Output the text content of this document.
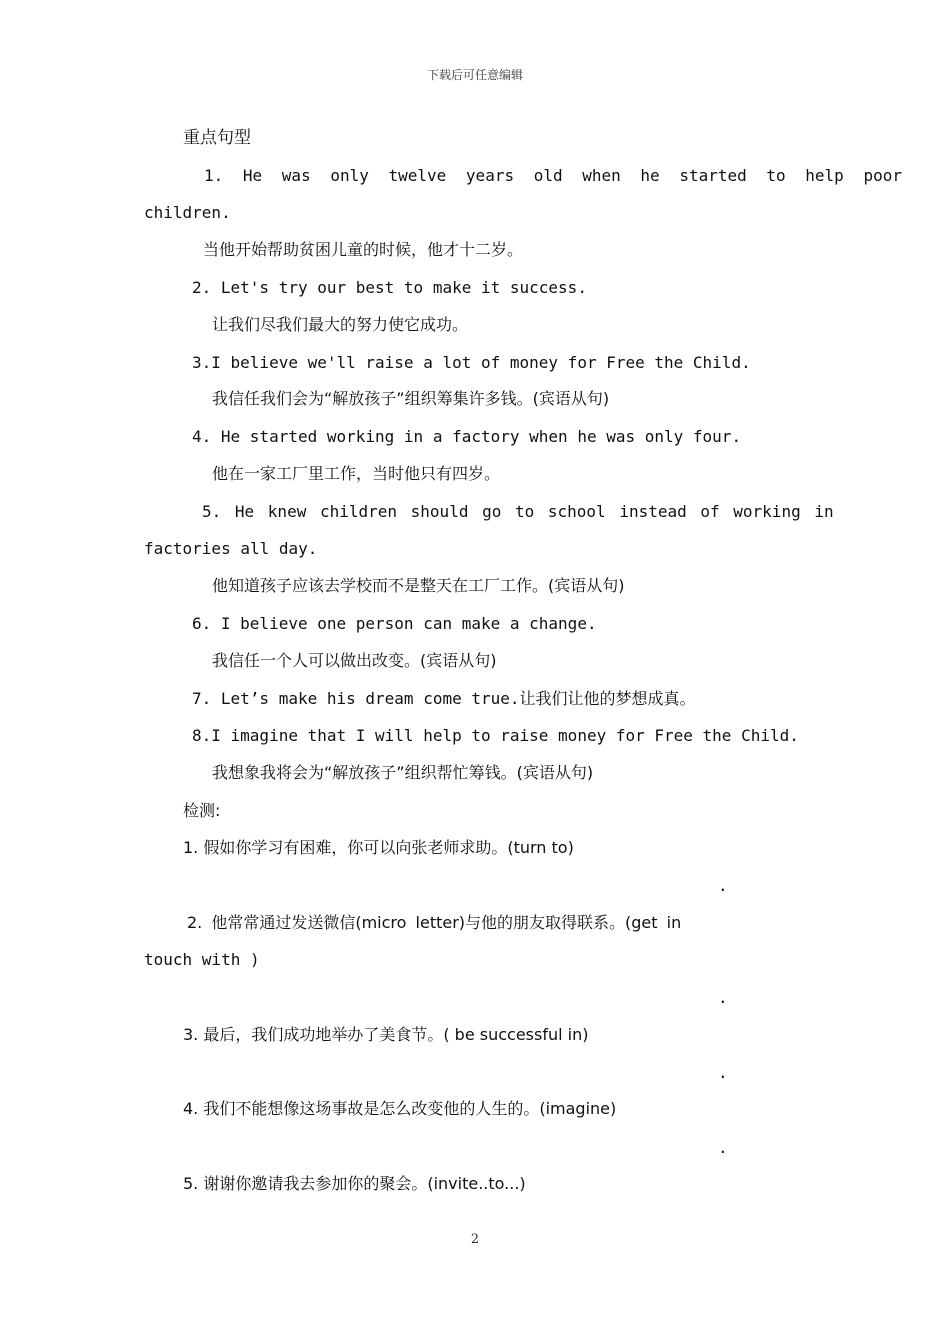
下载后可任意编辑
重点句型
1. He was only twelve years old when he started to help poor
children.
当他开始帮助贫困儿童的时候，他才十二岁。
2. Let's try our best to make it success.
让我们尽我们最大的努力使它成功。
3.I believe we'll raise a lot of money for Free the Child.
我信任我们会为“解放孩子”组织筹集许多钱。(宾语从句)
4. He started working in a factory when he was only four.
他在一家工厂里工作，当时他只有四岁。
5. He knew children should go to school instead of working in
factories all day.
他知道孩子应该去学校而不是整天在工厂工作。(宾语从句)
6. I believe one person can make a change.
我信任一个人可以做出改变。(宾语从句)
7. Let’s make his dream come true.让我们让他的梦想成真。
8.I imagine that I will help to raise money for Free the Child.
我想象我将会为“解放孩子”组织帮忙筹钱。(宾语从句)
检测:
1. 假如你学习有困难，你可以向张老师求助。(turn to)
.
2. 他常常通过发送微信(micro letter)与他的朋友取得联系。(get in
touch with )
.
3. 最后，我们成功地举办了美食节。( be successful in)
.
4. 我们不能想像这场事故是怎么改变他的人生的。(imagine)
.
5. 谢谢你邀请我去参加你的聚会。(invite..to...)
2
